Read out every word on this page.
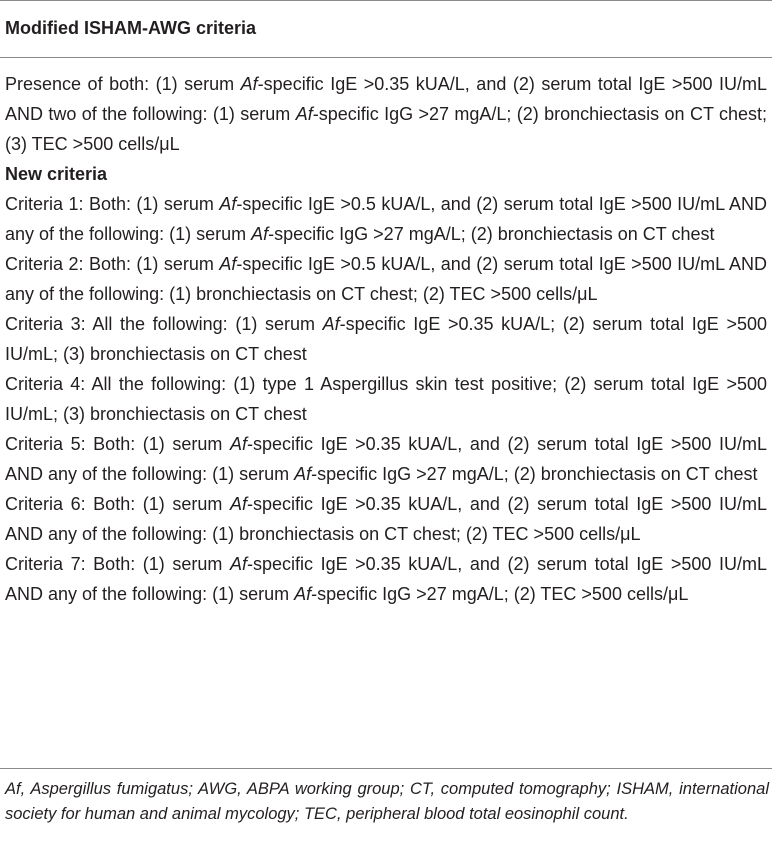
Modified ISHAM-AWG criteria

Presence of both: (1) serum Af-specific IgE >0.35 kUA/L, and (2) serum total IgE >500 IU/mL AND two of the following: (1) serum Af-specific IgG >27 mgA/L; (2) bronchiectasis on CT chest; (3) TEC >500 cells/μL

New criteria

Criteria 1: Both: (1) serum Af-specific IgE >0.5 kUA/L, and (2) serum total IgE >500 IU/mL AND any of the following: (1) serum Af-specific IgG >27 mgA/L; (2) bronchiectasis on CT chest

Criteria 2: Both: (1) serum Af-specific IgE >0.5 kUA/L, and (2) serum total IgE >500 IU/mL AND any of the following: (1) bronchiectasis on CT chest; (2) TEC >500 cells/μL

Criteria 3: All the following: (1) serum Af-specific IgE >0.35 kUA/L; (2) serum total IgE >500 IU/mL; (3) bronchiectasis on CT chest

Criteria 4: All the following: (1) type 1 Aspergillus skin test positive; (2) serum total IgE >500 IU/mL; (3) bronchiectasis on CT chest

Criteria 5: Both: (1) serum Af-specific IgE >0.35 kUA/L, and (2) serum total IgE >500 IU/mL AND any of the following: (1) serum Af-specific IgG >27 mgA/L; (2) bronchiectasis on CT chest

Criteria 6: Both: (1) serum Af-specific IgE >0.35 kUA/L, and (2) serum total IgE >500 IU/mL AND any of the following: (1) bronchiectasis on CT chest; (2) TEC >500 cells/μL

Criteria 7: Both: (1) serum Af-specific IgE >0.35 kUA/L, and (2) serum total IgE >500 IU/mL AND any of the following: (1) serum Af-specific IgG >27 mgA/L; (2) TEC >500 cells/μL

Af, Aspergillus fumigatus; AWG, ABPA working group; CT, computed tomography; ISHAM, international society for human and animal mycology; TEC, peripheral blood total eosinophil count.
